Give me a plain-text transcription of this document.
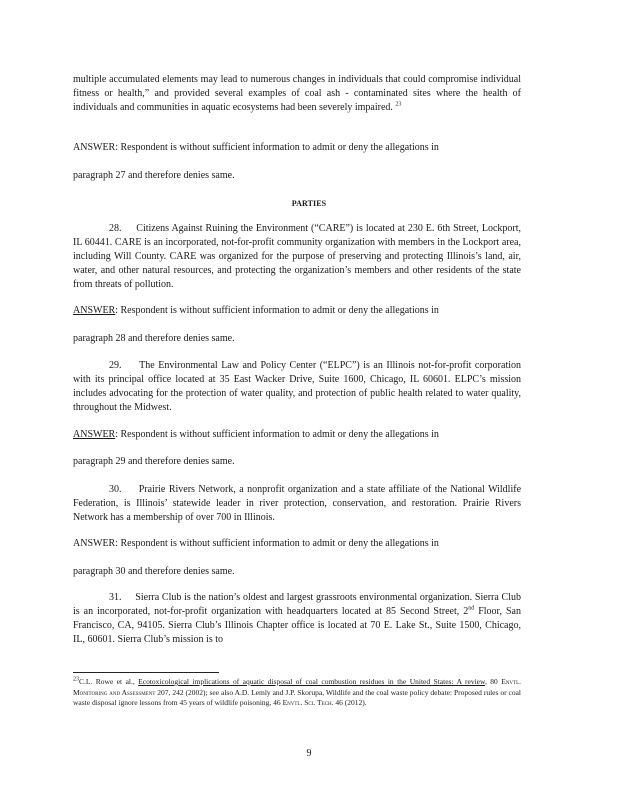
multiple accumulated elements may lead to numerous changes in individuals that could compromise individual fitness or health,” and provided several examples of coal ash - contaminated sites where the health of individuals and communities in aquatic ecosystems had been severely impaired. $^{23}$

ANSWER: Respondent is without sufficient information to admit or deny the allegations in

paragraph 27 and therefore denies same.

PARTIES

28. Citizens Against Ruining the Environment (“CARE”) is located at 230 E. 6th Street, Lockport, IL 60441. CARE is an incorporated, not-for-profit community organization with members in the Lockport area, including Will County. CARE was organized for the purpose of preserving and protecting Illinois’s land, air, water, and other natural resources, and protecting the organization’s members and other residents of the state from threats of pollution.

ANSWER: Respondent is without sufficient information to admit or deny the allegations in

paragraph 28 and therefore denies same.

29. The Environmental Law and Policy Center (“ELPC”) is an Illinois not-for-profit corporation with its principal office located at 35 East Wacker Drive, Suite 1600, Chicago, IL 60601. ELPC’s mission includes advocating for the protection of water quality, and protection of public health related to water quality, throughout the Midwest.

ANSWER: Respondent is without sufficient information to admit or deny the allegations in

paragraph 29 and therefore denies same.

30. Prairie Rivers Network, a nonprofit organization and a state affiliate of the National Wildlife Federation, is Illinois’ statewide leader in river protection, conservation, and restoration. Prairie Rivers Network has a membership of over 700 in Illinois.

ANSWER: Respondent is without sufficient information to admit or deny the allegations in

paragraph 30 and therefore denies same.

31. Sierra Club is the nation’s oldest and largest grassroots environmental organization. Sierra Club is an incorporated, not-for-profit organization with headquarters located at 85 Second Street, 2nd Floor, San Francisco, CA, 94105. Sierra Club’s Illinois Chapter office is located at 70 E. Lake St., Suite 1500, Chicago, IL, 60601. Sierra Club’s mission is to

$^{23}$C.L. Rowe et al., Ecotoxicological implications of aquatic disposal of coal combustion residues in the United States: A review, 80 Envtl. Monitoring and Assessment 207, 242 (2002); see also A.D. Lemly and J.P. Skorupa, Wildlife and the coal waste policy debate: Proposed rules or coal waste disposal ignore lessons from 45 years of wildlife poisoning, 46 Envtl. Sci. Tech. 46 (2012).

9
